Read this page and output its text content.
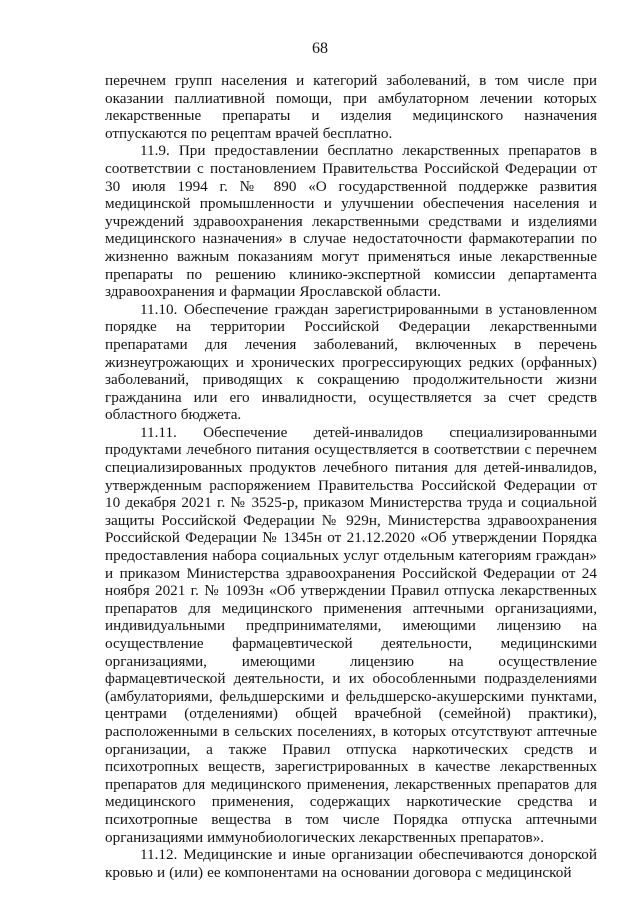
68

перечнем групп населения и категорий заболеваний, в том числе при оказании паллиативной помощи, при амбулаторном лечении которых лекарственные препараты и изделия медицинского назначения отпускаются по рецептам врачей бесплатно.

11.9. При предоставлении бесплатно лекарственных препаратов в соответствии с постановлением Правительства Российской Федерации от 30 июля 1994 г. № 890 «О государственной поддержке развития медицинской промышленности и улучшении обеспечения населения и учреждений здравоохранения лекарственными средствами и изделиями медицинского назначения» в случае недостаточности фармакотерапии по жизненно важным показаниям могут применяться иные лекарственные препараты по решению клинико-экспертной комиссии департамента здравоохранения и фармации Ярославской области.

11.10. Обеспечение граждан зарегистрированными в установленном порядке на территории Российской Федерации лекарственными препаратами для лечения заболеваний, включенных в перечень жизнеугрожающих и хронических прогрессирующих редких (орфанных) заболеваний, приводящих к сокращению продолжительности жизни гражданина или его инвалидности, осуществляется за счет средств областного бюджета.

11.11. Обеспечение детей-инвалидов специализированными продуктами лечебного питания осуществляется в соответствии с перечнем специализированных продуктов лечебного питания для детей-инвалидов, утвержденным распоряжением Правительства Российской Федерации от 10 декабря 2021 г. № 3525-р, приказом Министерства труда и социальной защиты Российской Федерации № 929н, Министерства здравоохранения Российской Федерации № 1345н от 21.12.2020 «Об утверждении Порядка предоставления набора социальных услуг отдельным категориям граждан» и приказом Министерства здравоохранения Российской Федерации от 24 ноября 2021 г. № 1093н «Об утверждении Правил отпуска лекарственных препаратов для медицинского применения аптечными организациями, индивидуальными предпринимателями, имеющими лицензию на осуществление фармацевтической деятельности, медицинскими организациями, имеющими лицензию на осуществление фармацевтической деятельности, и их обособленными подразделениями (амбулаториями, фельдшерскими и фельдшерско-акушерскими пунктами, центрами (отделениями) общей врачебной (семейной) практики), расположенными в сельских поселениях, в которых отсутствуют аптечные организации, а также Правил отпуска наркотических средств и психотропных веществ, зарегистрированных в качестве лекарственных препаратов для медицинского применения, лекарственных препаратов для медицинского применения, содержащих наркотические средства и психотропные вещества в том числе Порядка отпуска аптечными организациями иммунобиологических лекарственных препаратов».

11.12. Медицинские и иные организации обеспечиваются донорской кровью и (или) ее компонентами на основании договора с медицинской
